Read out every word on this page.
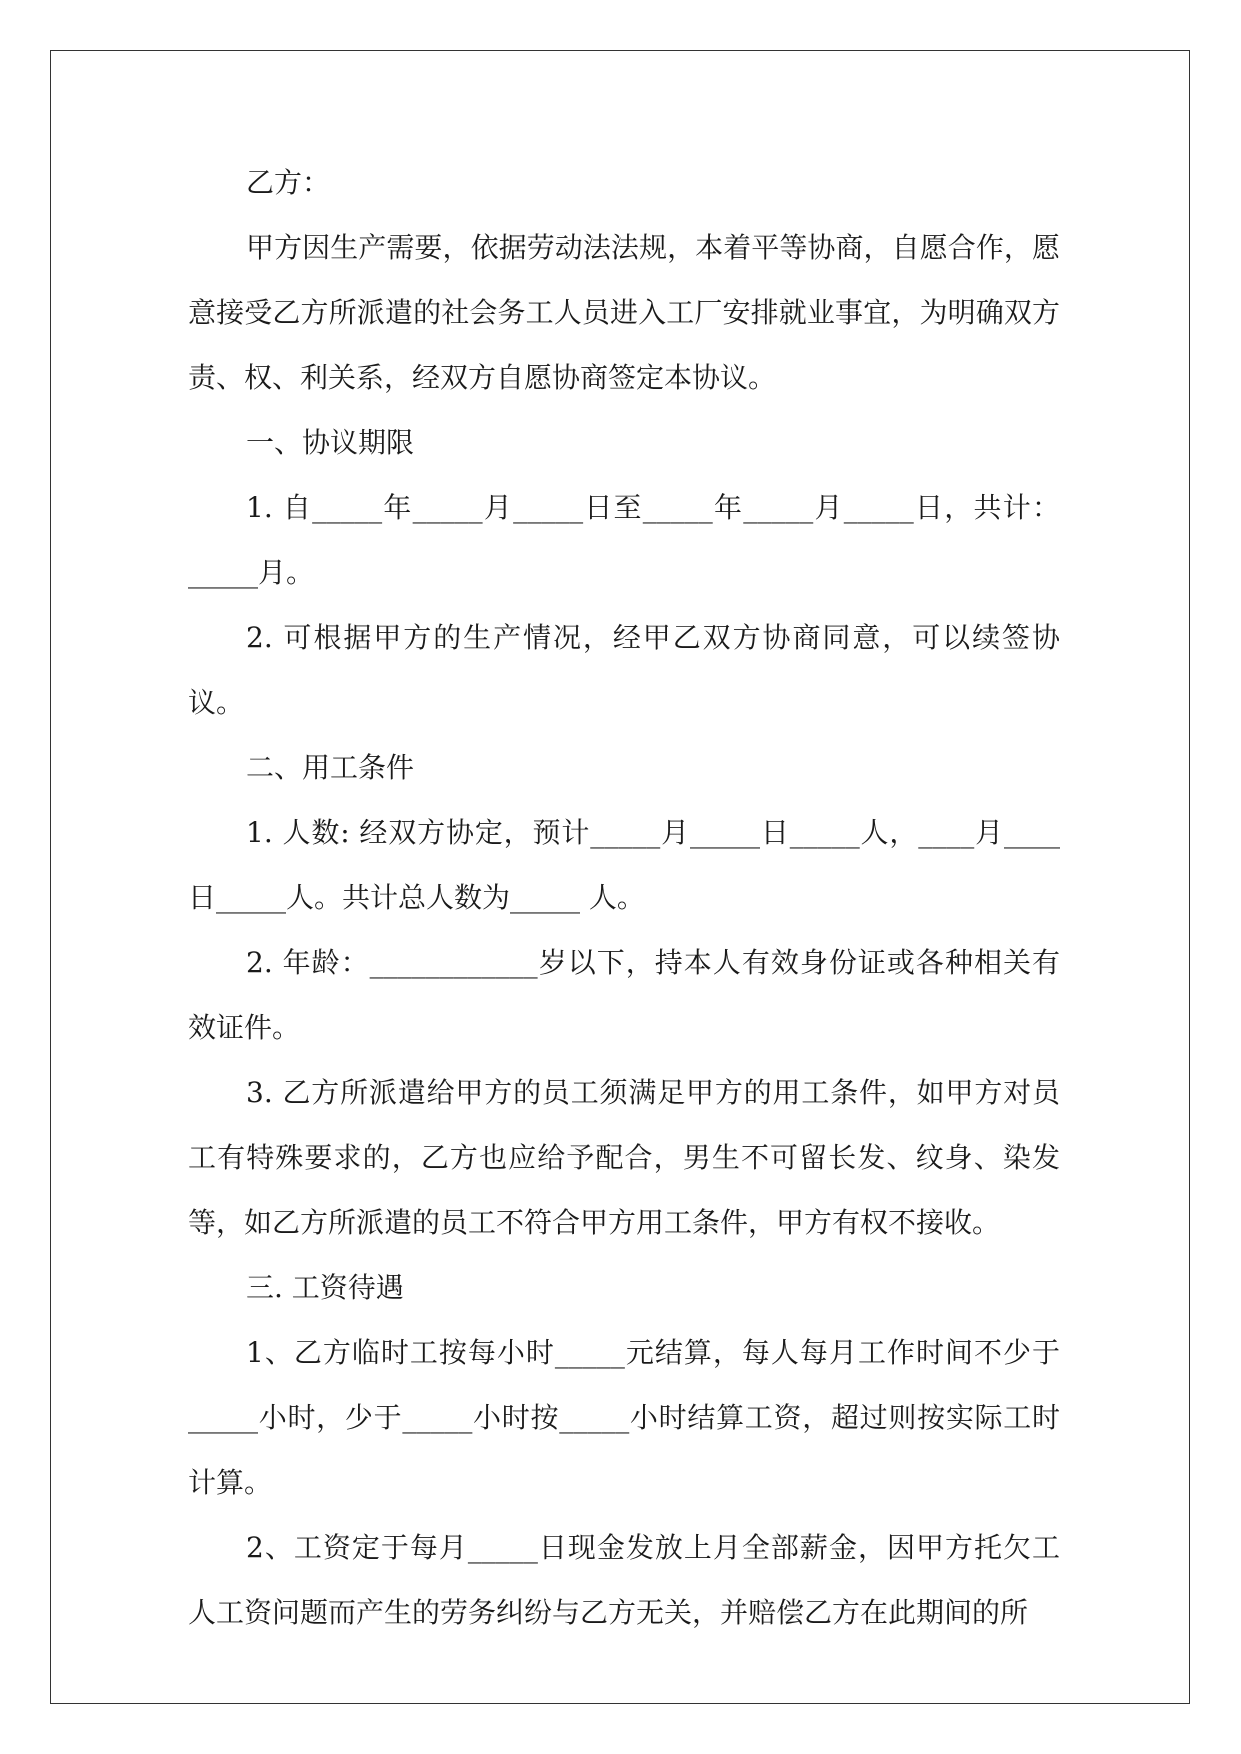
乙方：

甲方因生产需要，依据劳动法法规，本着平等协商，自愿合作，愿意接受乙方所派遣的社会务工人员进入工厂安排就业事宜，为明确双方责、权、利关系，经双方自愿协商签定本协议。

一、协议期限

1. 自_____年_____月_____日至_____年_____月_____日，共计：_____月。

2. 可根据甲方的生产情况，经甲乙双方协商同意，可以续签协议。

二、用工条件

1. 人数: 经双方协定，预计_____月_____日_____人，____月____日_____人。共计总人数为_____ 人。

2. 年龄：____________岁以下，持本人有效身份证或各种相关有效证件。

3. 乙方所派遣给甲方的员工须满足甲方的用工条件，如甲方对员工有特殊要求的，乙方也应给予配合，男生不可留长发、纹身、染发等，如乙方所派遣的员工不符合甲方用工条件，甲方有权不接收。

三. 工资待遇

1、乙方临时工按每小时_____元结算，每人每月工作时间不少于_____小时，少于_____小时按_____小时结算工资，超过则按实际工时计算。

2、工资定于每月_____日现金发放上月全部薪金，因甲方托欠工人工资问题而产生的劳务纠纷与乙方无关，并赔偿乙方在此期间的所
